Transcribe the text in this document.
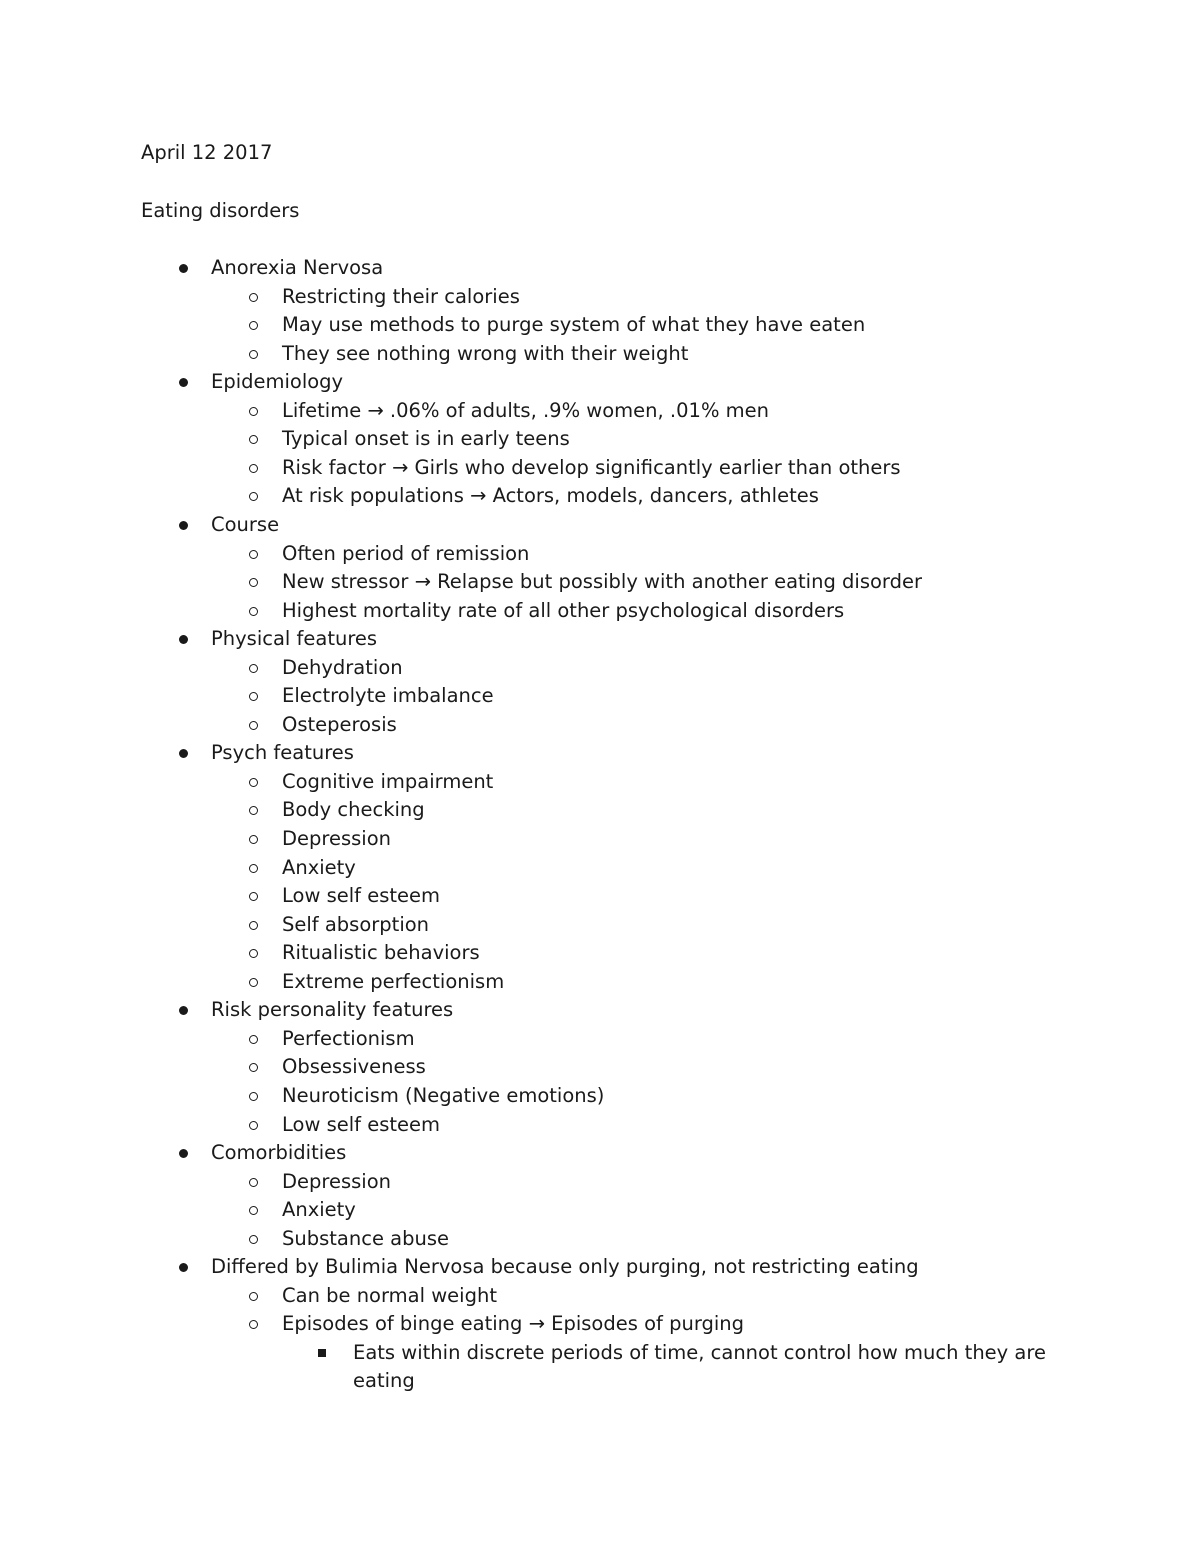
April 12 2017
Eating disorders
Anorexia Nervosa
Restricting their calories
May use methods to purge system of what they have eaten
They see nothing wrong with their weight
Epidemiology
Lifetime → .06% of adults, .9% women, .01% men
Typical onset is in early teens
Risk factor → Girls who develop significantly earlier than others
At risk populations → Actors, models, dancers, athletes
Course
Often period of remission
New stressor → Relapse but possibly with another eating disorder
Highest mortality rate of all other psychological disorders
Physical features
Dehydration
Electrolyte imbalance
Osteperosis
Psych features
Cognitive impairment
Body checking
Depression
Anxiety
Low self esteem
Self absorption
Ritualistic behaviors
Extreme perfectionism
Risk personality features
Perfectionism
Obsessiveness
Neuroticism (Negative emotions)
Low self esteem
Comorbidities
Depression
Anxiety
Substance abuse
Differed by Bulimia Nervosa because only purging, not restricting eating
Can be normal weight
Episodes of binge eating → Episodes of purging
Eats within discrete periods of time, cannot control how much they are
eating
